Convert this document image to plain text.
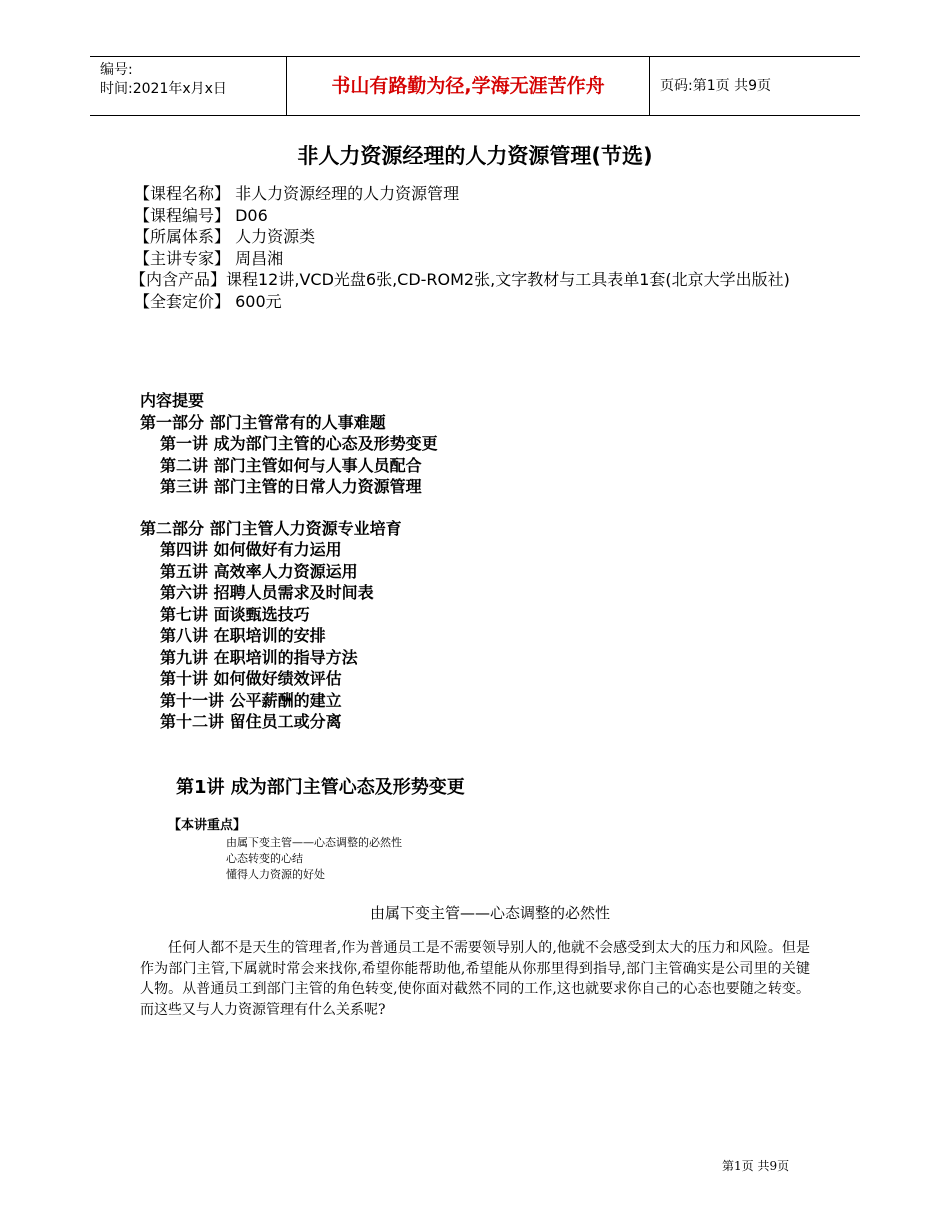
编号:
时间:2021年x月x日	书山有路勤为径,学海无涯苦作舟	页码:第1页 共9页
非人力资源经理的人力资源管理(节选)
【课程名称】 非人力资源经理的人力资源管理
【课程编号】 D06
【所属体系】 人力资源类
【主讲专家】 周昌湘
【内含产品】课程12讲,VCD光盘6张,CD-ROM2张,文字教材与工具表单1套(北京大学出版社)
【全套定价】 600元
内容提要
第一部分 部门主管常有的人事难题
第一讲 成为部门主管的心态及形势变更
第二讲 部门主管如何与人事人员配合
第三讲 部门主管的日常人力资源管理
第二部分 部门主管人力资源专业培育
第四讲 如何做好有力运用
第五讲 高效率人力资源运用
第六讲 招聘人员需求及时间表
第七讲 面谈甄选技巧
第八讲 在职培训的安排
第九讲 在职培训的指导方法
第十讲 如何做好绩效评估
第十一讲 公平薪酬的建立
第十二讲 留住员工或分离
第1讲 成为部门主管心态及形势变更
【本讲重点】
由属下变主管——心态调整的必然性
心态转变的心结
懂得人力资源的好处
由属下变主管——心态调整的必然性
任何人都不是天生的管理者,作为普通员工是不需要领导别人的,他就不会感受到太大的压力和风险。但是作为部门主管,下属就时常会来找你,希望你能帮助他,希望能从你那里得到指导,部门主管确实是公司里的关键人物。从普通员工到部门主管的角色转变,使你面对截然不同的工作,这也就要求你自己的心态也要随之转变。而这些又与人力资源管理有什么关系呢?
第1页 共9页
